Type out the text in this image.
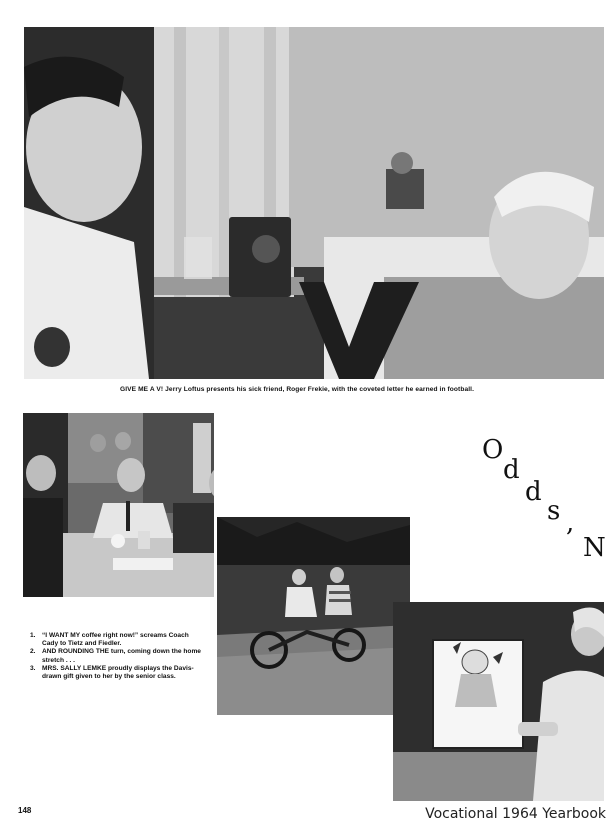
GIVE ME A V! Jerry Loftus presents his sick friend, Roger Frekie, with the coveted letter he earned in football.
1. “I WANT MY coffee right now!” screams Coach Cady to Tietz and Fiedler.
2. AND ROUNDING THE turn, coming down the home stretch . . .
3. MRS. SALLY LEMKE proudly displays the Davis-drawn gift given to her by the senior class.
O
d
d
s ,
N
148	Vocational 1964 Yearbook
